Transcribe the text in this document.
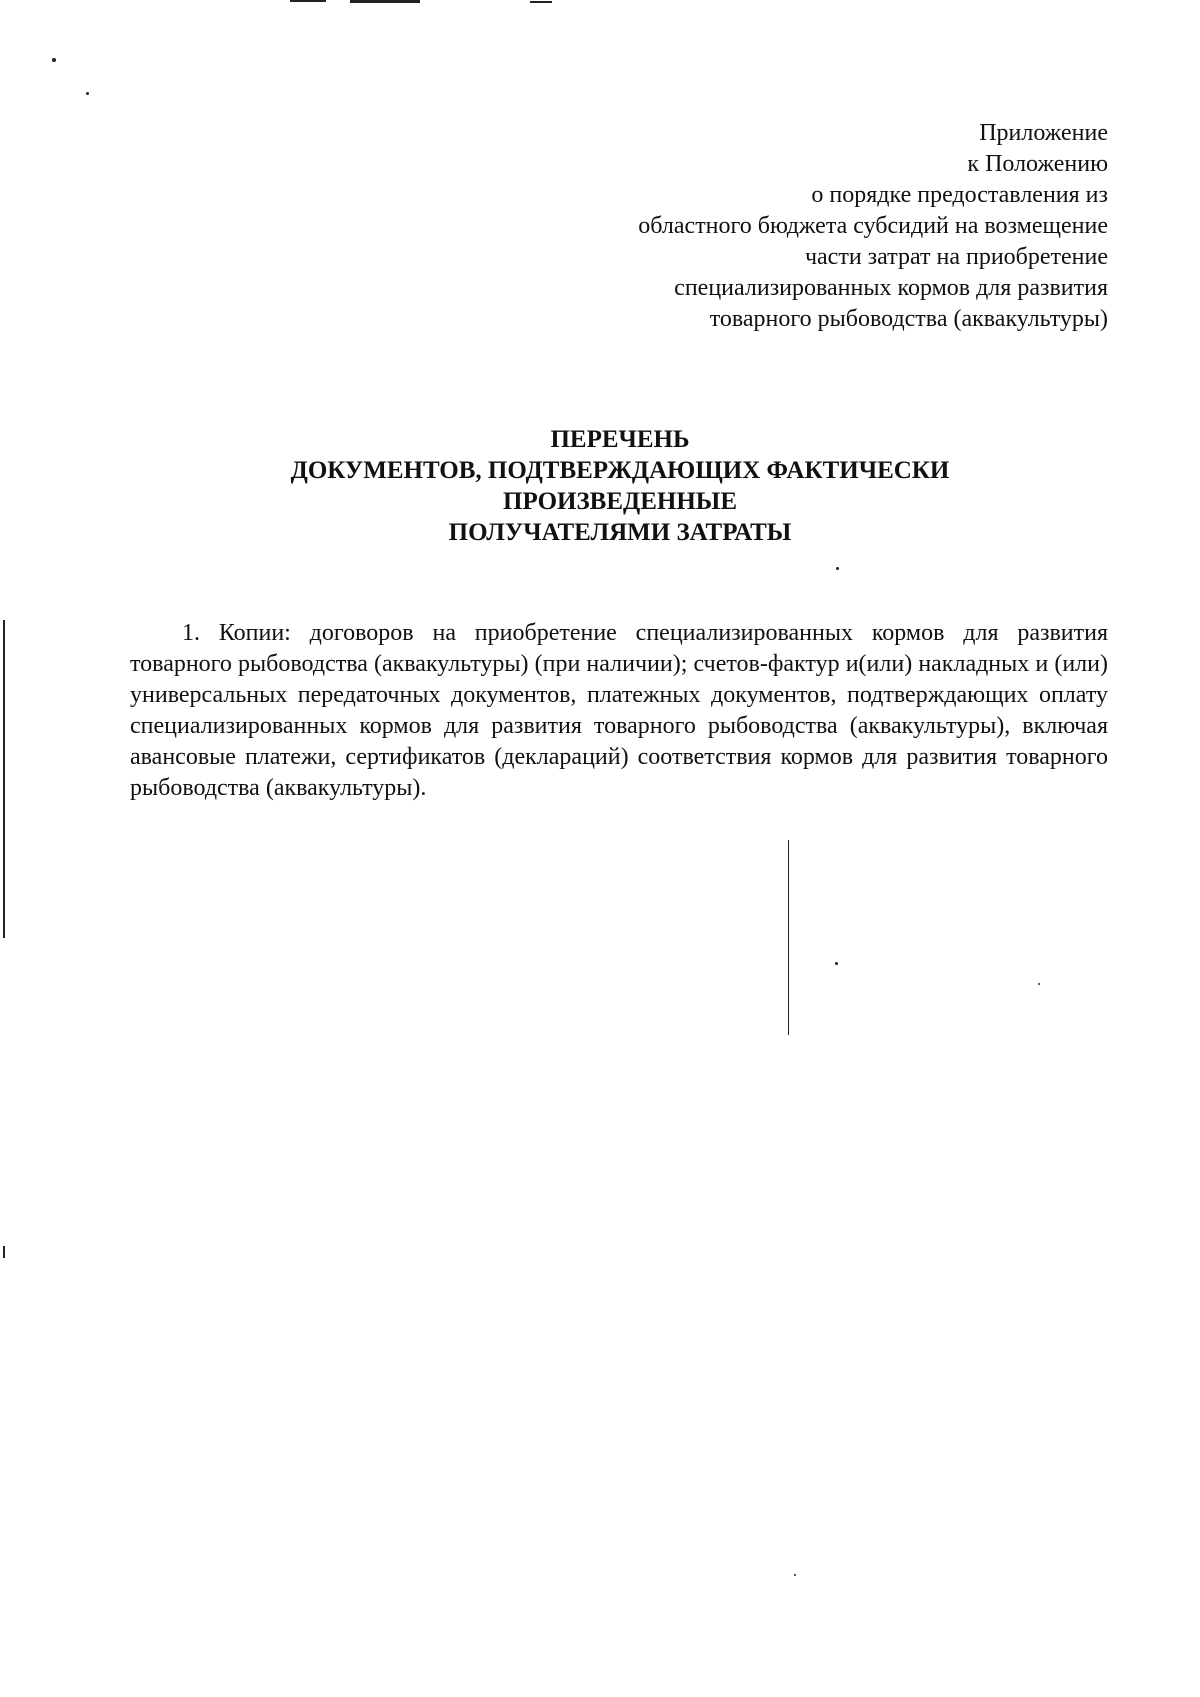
Приложение
к Положению
о порядке предоставления из
областного бюджета субсидий на возмещение
части затрат на приобретение
специализированных кормов для развития
товарного рыбоводства (аквакультуры)
ПЕРЕЧЕНЬ
ДОКУМЕНТОВ, ПОДТВЕРЖДАЮЩИХ ФАКТИЧЕСКИ
ПРОИЗВЕДЕННЫЕ
ПОЛУЧАТЕЛЯМИ ЗАТРАТЫ

1. Копии: договоров на приобретение специализированных кормов для развития товарного рыбоводства (аквакультуры) (при наличии); счетов-фактур и(или) накладных и (или) универсальных передаточных документов, платежных документов, подтверждающих оплату специализированных кормов для развития товарного рыбоводства (аквакультуры), включая авансовые платежи, сертификатов (деклараций) соответствия кормов для развития товарного рыбоводства (аквакультуры).
